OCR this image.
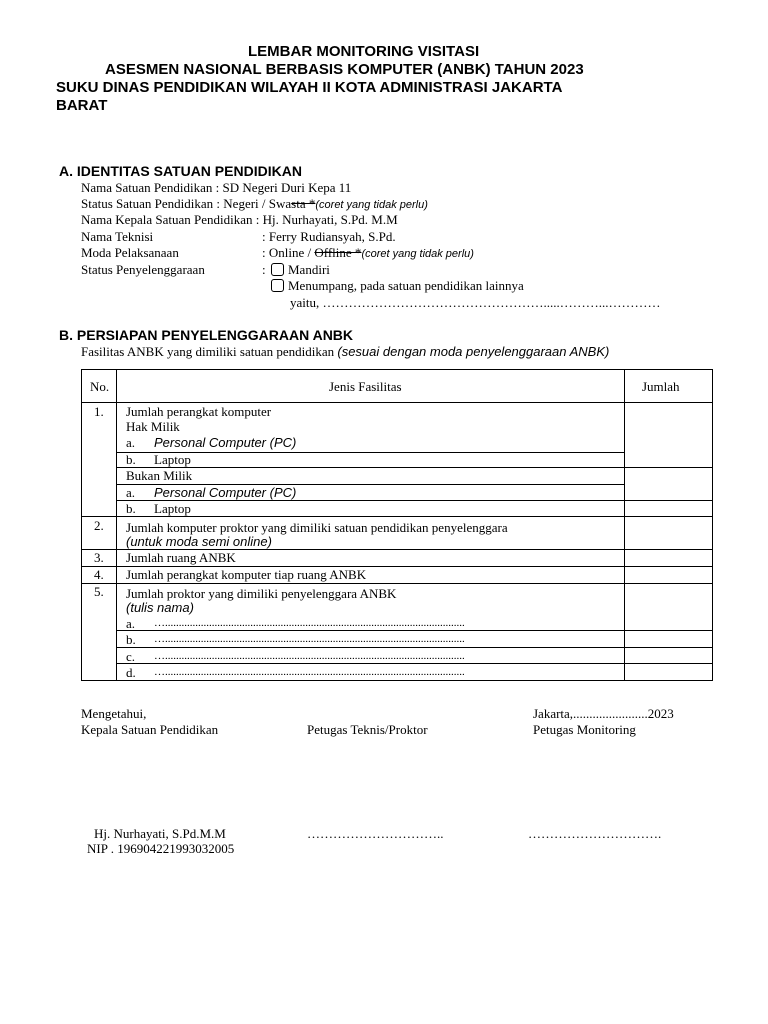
LEMBAR MONITORING VISITASI
ASESMEN NASIONAL BERBASIS KOMPUTER (ANBK) TAHUN 2023
SUKU DINAS PENDIDIKAN WILAYAH II KOTA ADMINISTRASI JAKARTA
BARAT
A. IDENTITAS SATUAN PENDIDIKAN
Nama Satuan Pendidikan : SD Negeri Duri Kepa 11
Status Satuan Pendidikan : Negeri / Swasta *(coret yang tidak perlu)
Nama Kepala Satuan Pendidikan : Hj. Nurhayati, S.Pd. M.M
Nama Teknisi	: Ferry Rudiansyah, S.Pd.
Moda Pelaksanaan	: Online / Offline *(coret yang tidak perlu)
Status Penyelenggaraan	:	Mandiri
Menumpang, pada satuan pendidikan lainnya
yaitu, …………………………………………….....………...…………
B. PERSIAPAN PENYELENGGARAAN ANBK
Fasilitas ANBK yang dimiliki satuan pendidikan (sesuai dengan moda penyelenggaraan ANBK)
No.	Jenis Fasilitas	Jumlah
1. Jumlah perangkat komputer
Hak Milik
a. Personal Computer (PC)
b. Laptop
Bukan Milik
a. Personal Computer (PC)
b. Laptop
2. Jumlah komputer proktor yang dimiliki satuan pendidikan penyelenggara
(untuk moda semi online)
3. Jumlah ruang ANBK
4. Jumlah perangkat komputer tiap ruang ANBK
5. Jumlah proktor yang dimiliki penyelenggara ANBK
(tulis nama)
a. ….............................................................................................................
b. ….............................................................................................................
c. ….............................................................................................................
d. ….............................................................................................................
Mengetahui,
Kepala Satuan Pendidikan	Petugas Teknis/Proktor
Jakarta,.......................2023
Petugas Monitoring
Hj. Nurhayati, S.Pd.M.M
NIP . 196904221993032005
…………………………..	………………………….
